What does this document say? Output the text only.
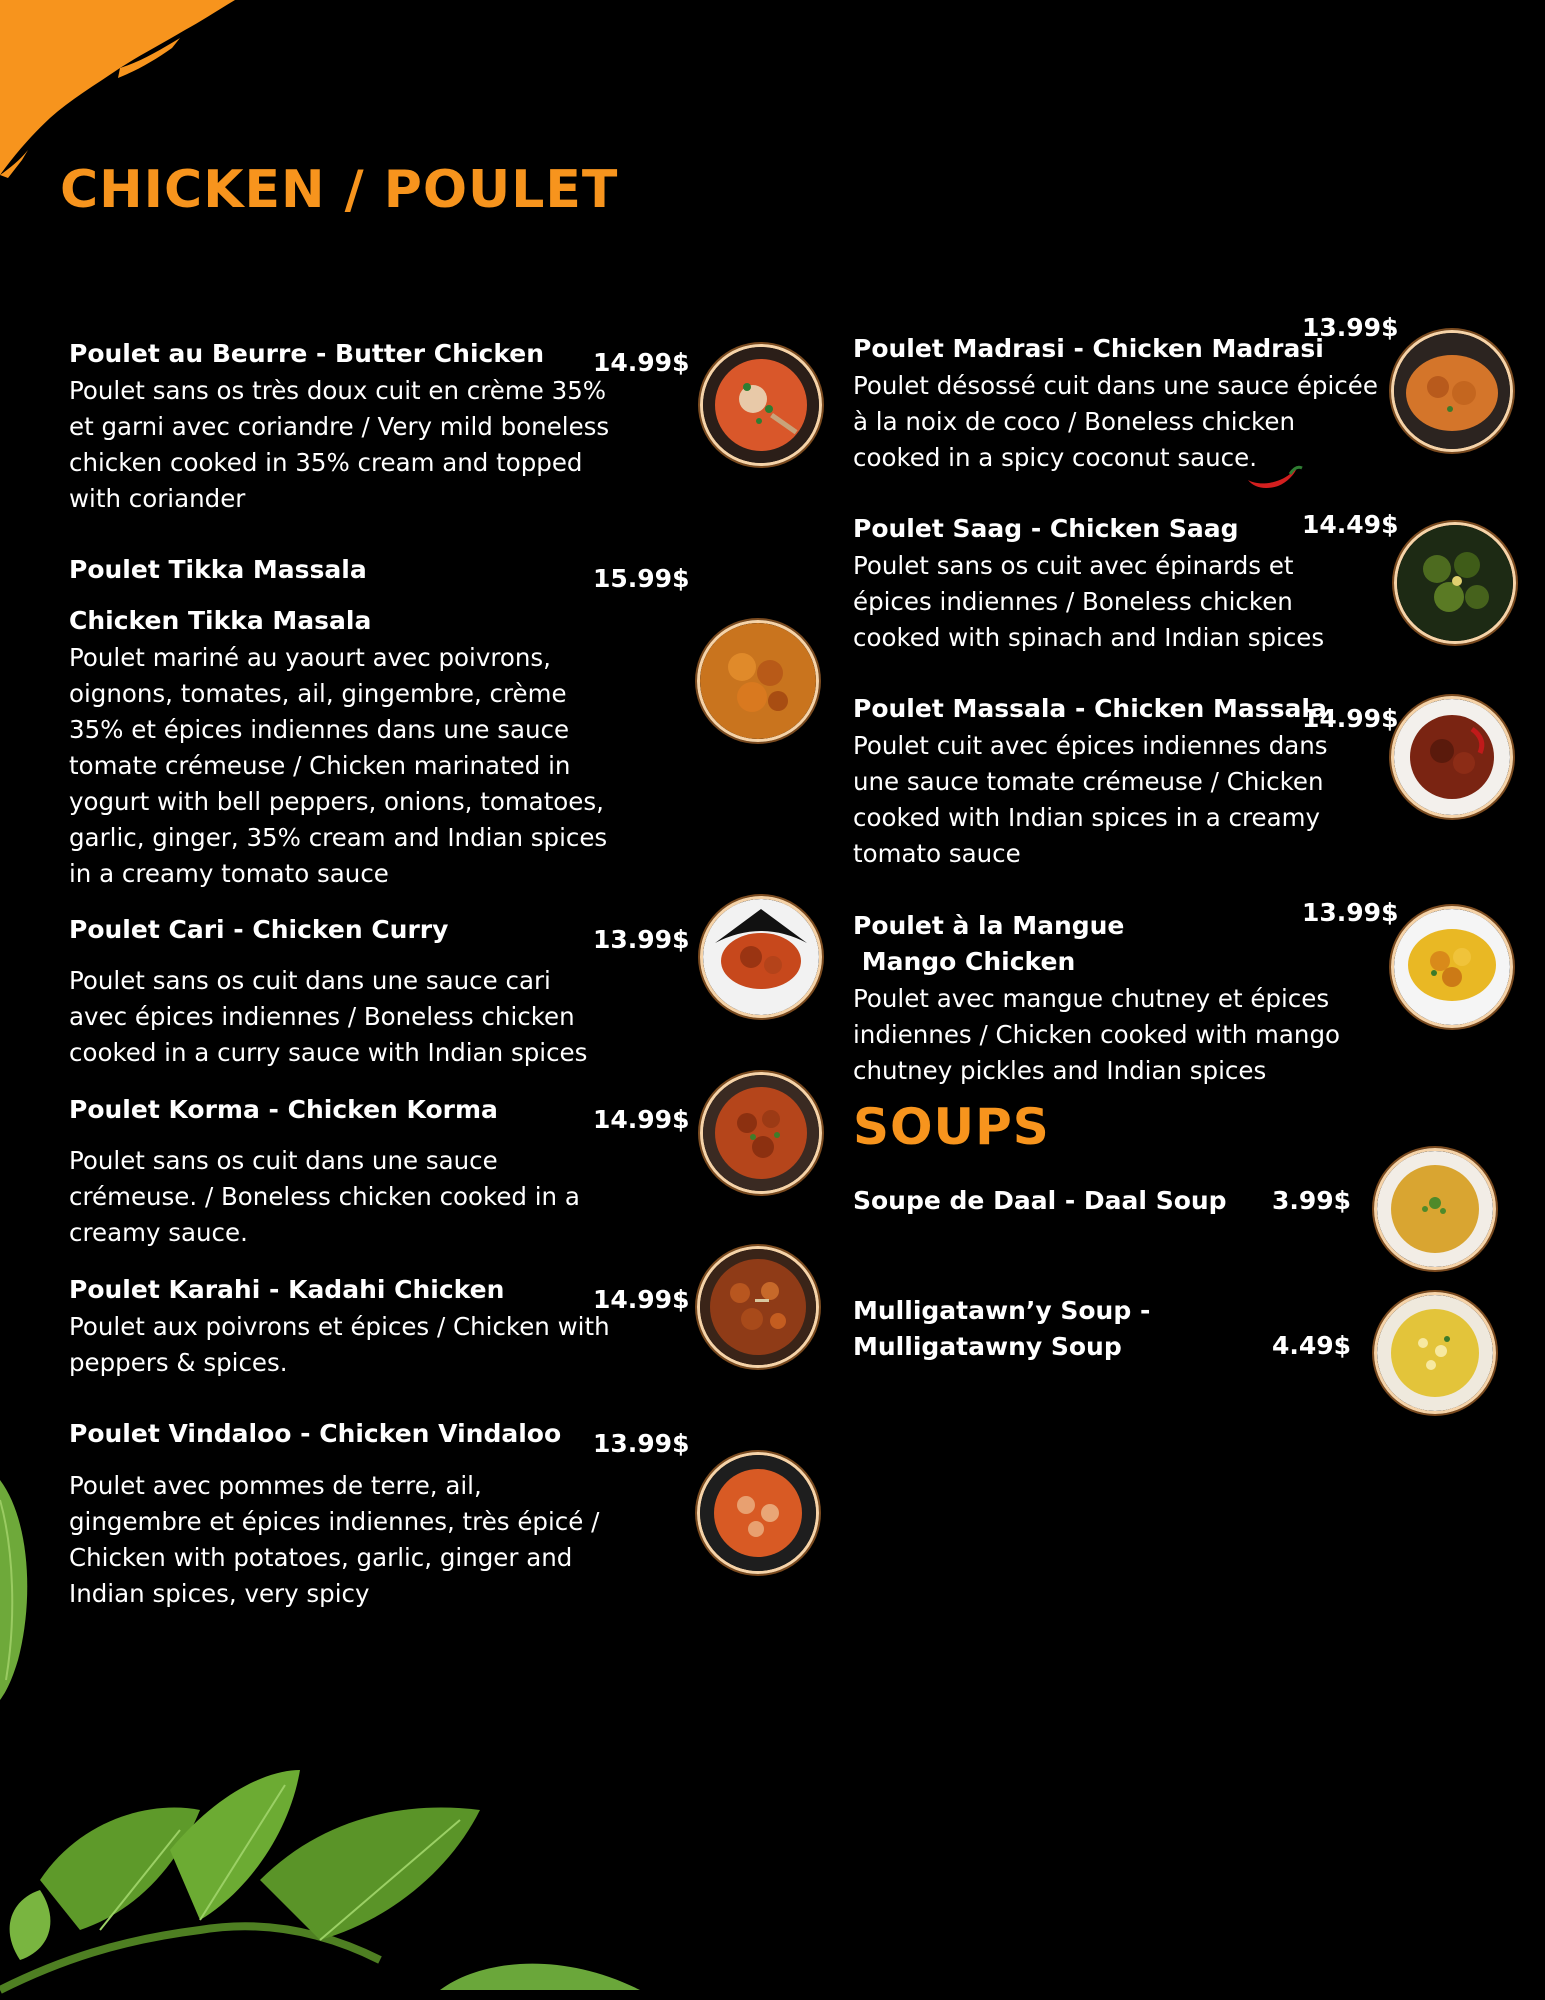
CHICKEN / POULET
Poulet au Beurre - Butter Chicken 14.99$
Poulet sans os très doux cuit en crème 35%
et garni avec coriandre / Very mild boneless
chicken cooked in 35% cream and topped
with coriander
Poulet Tikka Massala	15.99$
Chicken Tikka Masala
Poulet mariné au yaourt avec poivrons,
oignons, tomates, ail, gingembre, crème
35% et épices indiennes dans une sauce
tomate crémeuse / Chicken marinated in
yogurt with bell peppers, onions, tomatoes,
garlic, ginger, 35% cream and Indian spices
in a creamy tomato sauce
Poulet Cari - Chicken Curry	13.99$
Poulet sans os cuit dans une sauce cari
avec épices indiennes / Boneless chicken
cooked in a curry sauce with Indian spices
Poulet Korma - Chicken Korma	14.99$
Poulet sans os cuit dans une sauce
crémeuse. / Boneless chicken cooked in a
creamy sauce.
Poulet Karahi - Kadahi Chicken	14.99$
Poulet aux poivrons et épices / Chicken with
peppers & spices.
Poulet Vindaloo - Chicken Vindaloo 13.99$
Poulet avec pommes de terre, ail,
gingembre et épices indiennes, très épicé /
Chicken with potatoes, garlic, ginger and
Indian spices, very spicy
Poulet Madrasi - Chicken Madrasi
13.99$
Poulet désossé cuit dans une sauce épicée
à la noix de coco / Boneless chicken
cooked in a spicy coconut sauce.
Poulet Saag - Chicken Saag	14.49$
Poulet sans os cuit avec épinards et
épices indiennes / Boneless chicken
cooked with spinach and Indian spices
Poulet Massala - Chicken Massala
14.99$
Poulet cuit avec épices indiennes dans
une sauce tomate crémeuse / Chicken
cooked with Indian spices in a creamy
tomato sauce
Poulet à la Mangue	13.99$
Mango Chicken
Poulet avec mangue chutney et épices
indiennes / Chicken cooked with mango
chutney pickles and Indian spices
SOUPS
Soupe de Daal - Daal Soup 3.99$
Mulligatawn’y Soup -
Mulligatawny Soup	4.49$
